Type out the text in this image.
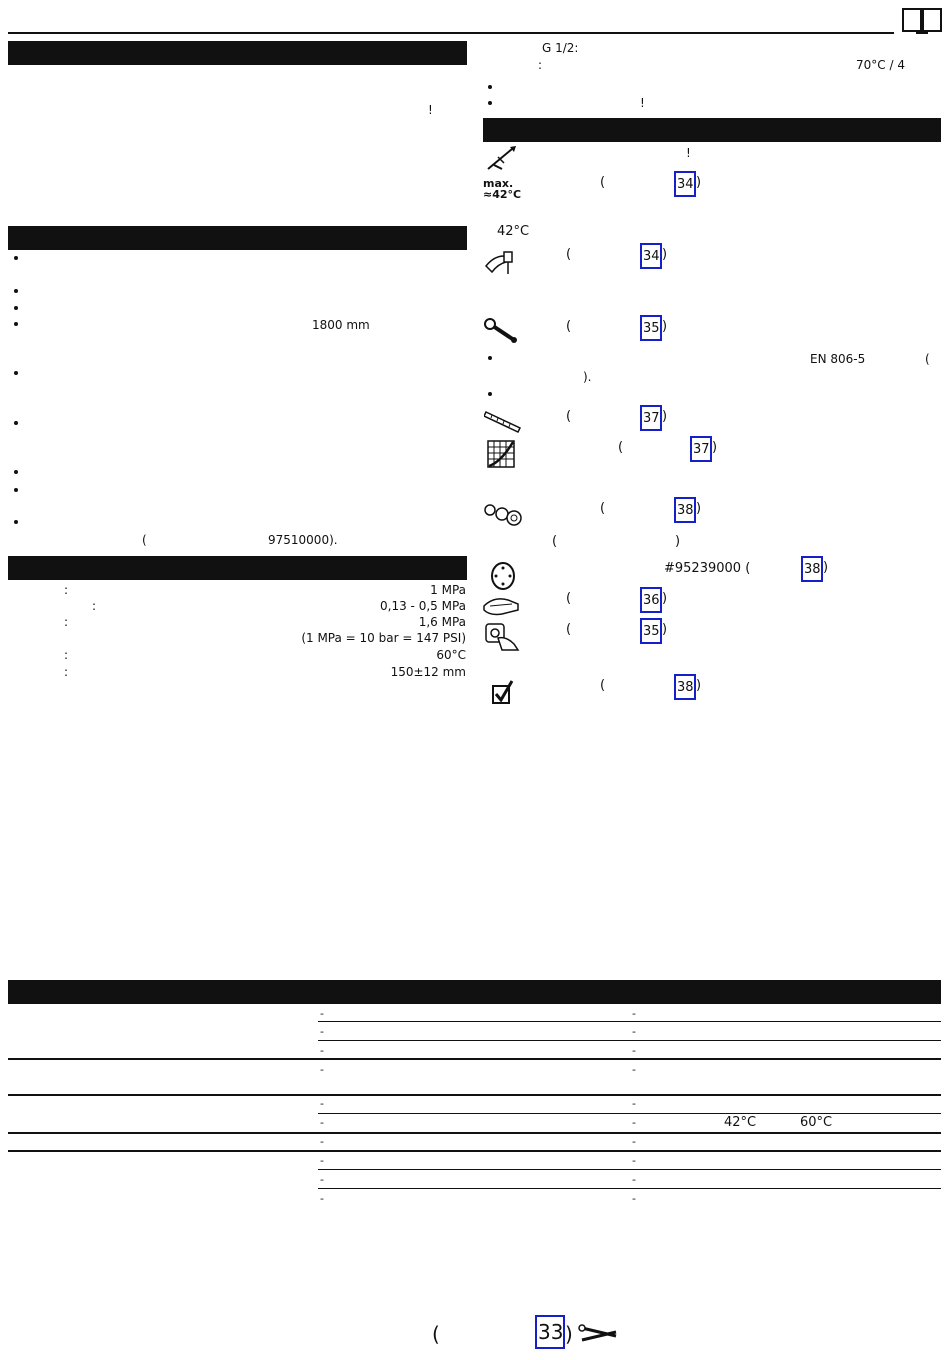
!
1800 mm
(	97510000).
:	1 MPa
:	0,13 - 0,5 MPa
:	1,6 MPa
(1 MPa = 10 bar = 147 PSI)
:	60°C
:	150±12 mm
G 1/2:
:	70°C / 4
!
!
max.
≈42°C
42°C
EN 806-5	(
).
#95239000 (
(	)
(	34 )
(	34 )
(	35 )
(	37 )
(	37 )
(	38 )
38 )
(	36 )
(	35 )
(	38 )
-	-
-	-
-	-
-	-
-	-
-	-
-	-
-	-
-	-
-	-
42°C	60°C
(	33 )
